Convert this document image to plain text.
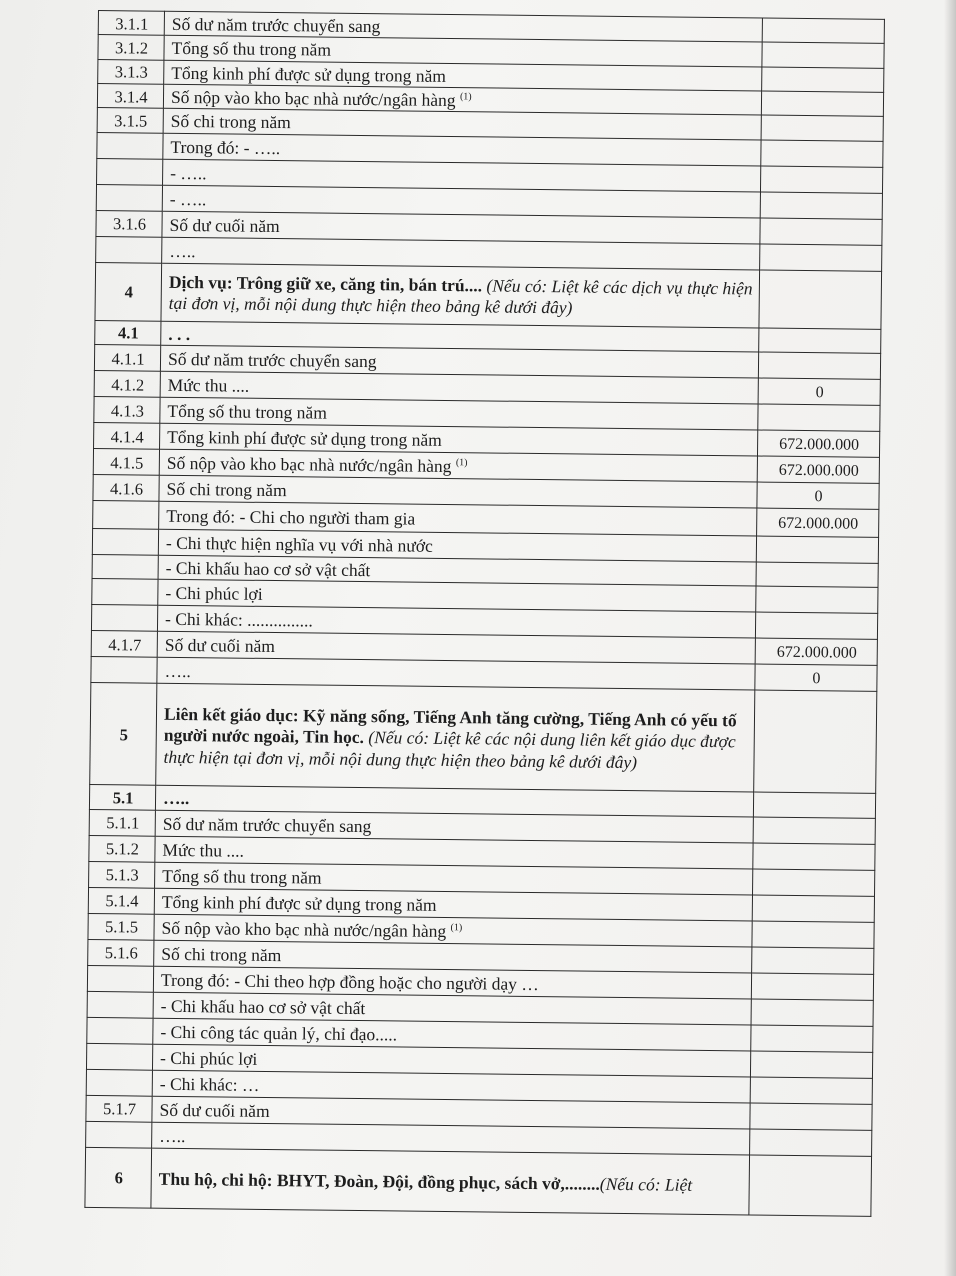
3.1.1	Số dư năm trước chuyển sang	
3.1.2	Tổng số thu trong năm	
3.1.3	Tổng kinh phí được sử dụng trong năm	
3.1.4	Số nộp vào kho bạc nhà nước/ngân hàng $^{(1)}$	
3.1.5	Số chi trong năm	
	Trong đó: - …..	
	- …..	
	- …..	
3.1.6	Số dư cuối năm	
	…..	
4	Dịch vụ: Trông giữ xe, căng tin, bán trú.... (Nếu có: Liệt kê các dịch vụ thực hiện tại đơn vị, mỗi nội dung thực hiện theo bảng kê dưới đây)	
4.1	. . .	
4.1.1	Số dư năm trước chuyển sang	
4.1.2	Mức thu ....	0
4.1.3	Tổng số thu trong năm	
4.1.4	Tổng kinh phí được sử dụng trong năm	672.000.000
4.1.5	Số nộp vào kho bạc nhà nước/ngân hàng $^{(1)}$	672.000.000
4.1.6	Số chi trong năm	0
	Trong đó: - Chi cho người tham gia	672.000.000
	- Chi thực hiện nghĩa vụ với nhà nước	
	- Chi khấu hao cơ sở vật chất	
	- Chi phúc lợi	
	- Chi khác: ...............	
4.1.7	Số dư cuối năm	672.000.000
	…..	0
5	Liên kết giáo dục: Kỹ năng sống, Tiếng Anh tăng cường, Tiếng Anh có yếu tố người nước ngoài, Tin học. (Nếu có: Liệt kê các nội dung liên kết giáo dục được thực hiện tại đơn vị, mỗi nội dung thực hiện theo bảng kê dưới đây)	
5.1	…..	
5.1.1	Số dư năm trước chuyển sang	
5.1.2	Mức thu ....	
5.1.3	Tổng số thu trong năm	
5.1.4	Tổng kinh phí được sử dụng trong năm	
5.1.5	Số nộp vào kho bạc nhà nước/ngân hàng $^{(1)}$	
5.1.6	Số chi trong năm	
	Trong đó: - Chi theo hợp đồng hoặc cho người dạy …	
	- Chi khấu hao cơ sở vật chất	
	- Chi công tác quản lý, chỉ đạo.....	
	- Chi phúc lợi	
	- Chi khác: …	
5.1.7	Số dư cuối năm	
	…..	
6	Thu hộ, chi hộ: BHYT, Đoàn, Đội, đồng phục, sách vở,........(Nếu có: Liệt	
